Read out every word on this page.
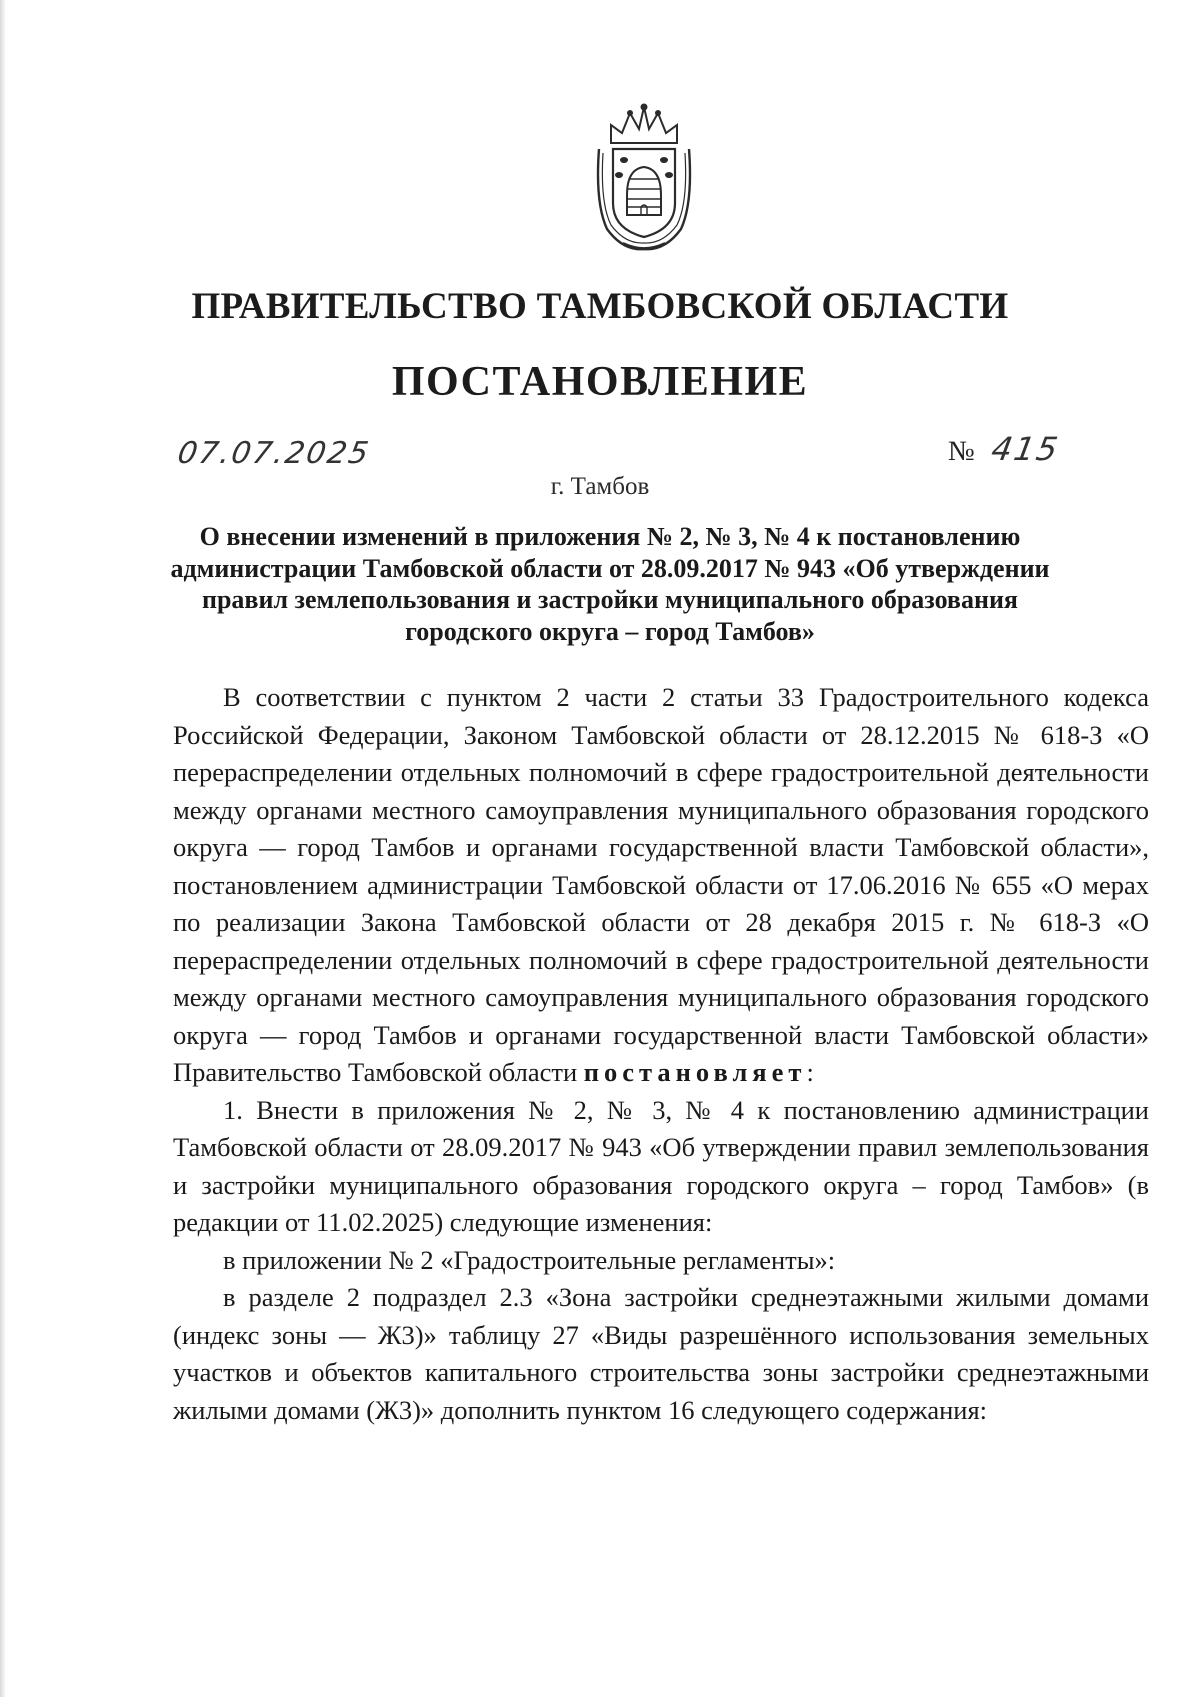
ПРАВИТЕЛЬСТВО ТАМБОВСКОЙ ОБЛАСТИ
ПОСТАНОВЛЕНИЕ
07.07.2025	№ 415
г. Тамбов
О внесении изменений в приложения № 2, № 3, № 4 к постановлению
администрации Тамбовской области от 28.09.2017 № 943 «Об утверждении
правил землепользования и застройки муниципального образования
городского округа – город Тамбов»

В соответствии с пунктом 2 части 2 статьи 33 Градостроительного кодекса Российской Федерации, Законом Тамбовской области от 28.12.2015 № 618-З «О перераспределении отдельных полномочий в сфере градостроительной деятельности между органами местного самоуправления муниципального образования городского округа — город Тамбов и органами государственной власти Тамбовской области», постановлением администрации Тамбовской области от 17.06.2016 № 655 «О мерах по реализации Закона Тамбовской области от 28 декабря 2015 г. № 618-З «О перераспределении отдельных полномочий в сфере градостроительной деятельности между органами местного самоуправления муниципального образования городского округа — город Тамбов и органами государственной власти Тамбовской области» Правительство Тамбовской области постановляет:

1. Внести в приложения № 2, № 3, № 4 к постановлению администрации Тамбовской области от 28.09.2017 № 943 «Об утверждении правил землепользования и застройки муниципального образования городского округа – город Тамбов» (в редакции от 11.02.2025) следующие изменения:

в приложении № 2 «Градостроительные регламенты»:

в разделе 2 подраздел 2.3 «Зона застройки среднеэтажными жилыми домами (индекс зоны — Ж3)» таблицу 27 «Виды разрешённого использования земельных участков и объектов капитального строительства зоны застройки среднеэтажными жилыми домами (Ж3)» дополнить пунктом 16 следующего содержания:
